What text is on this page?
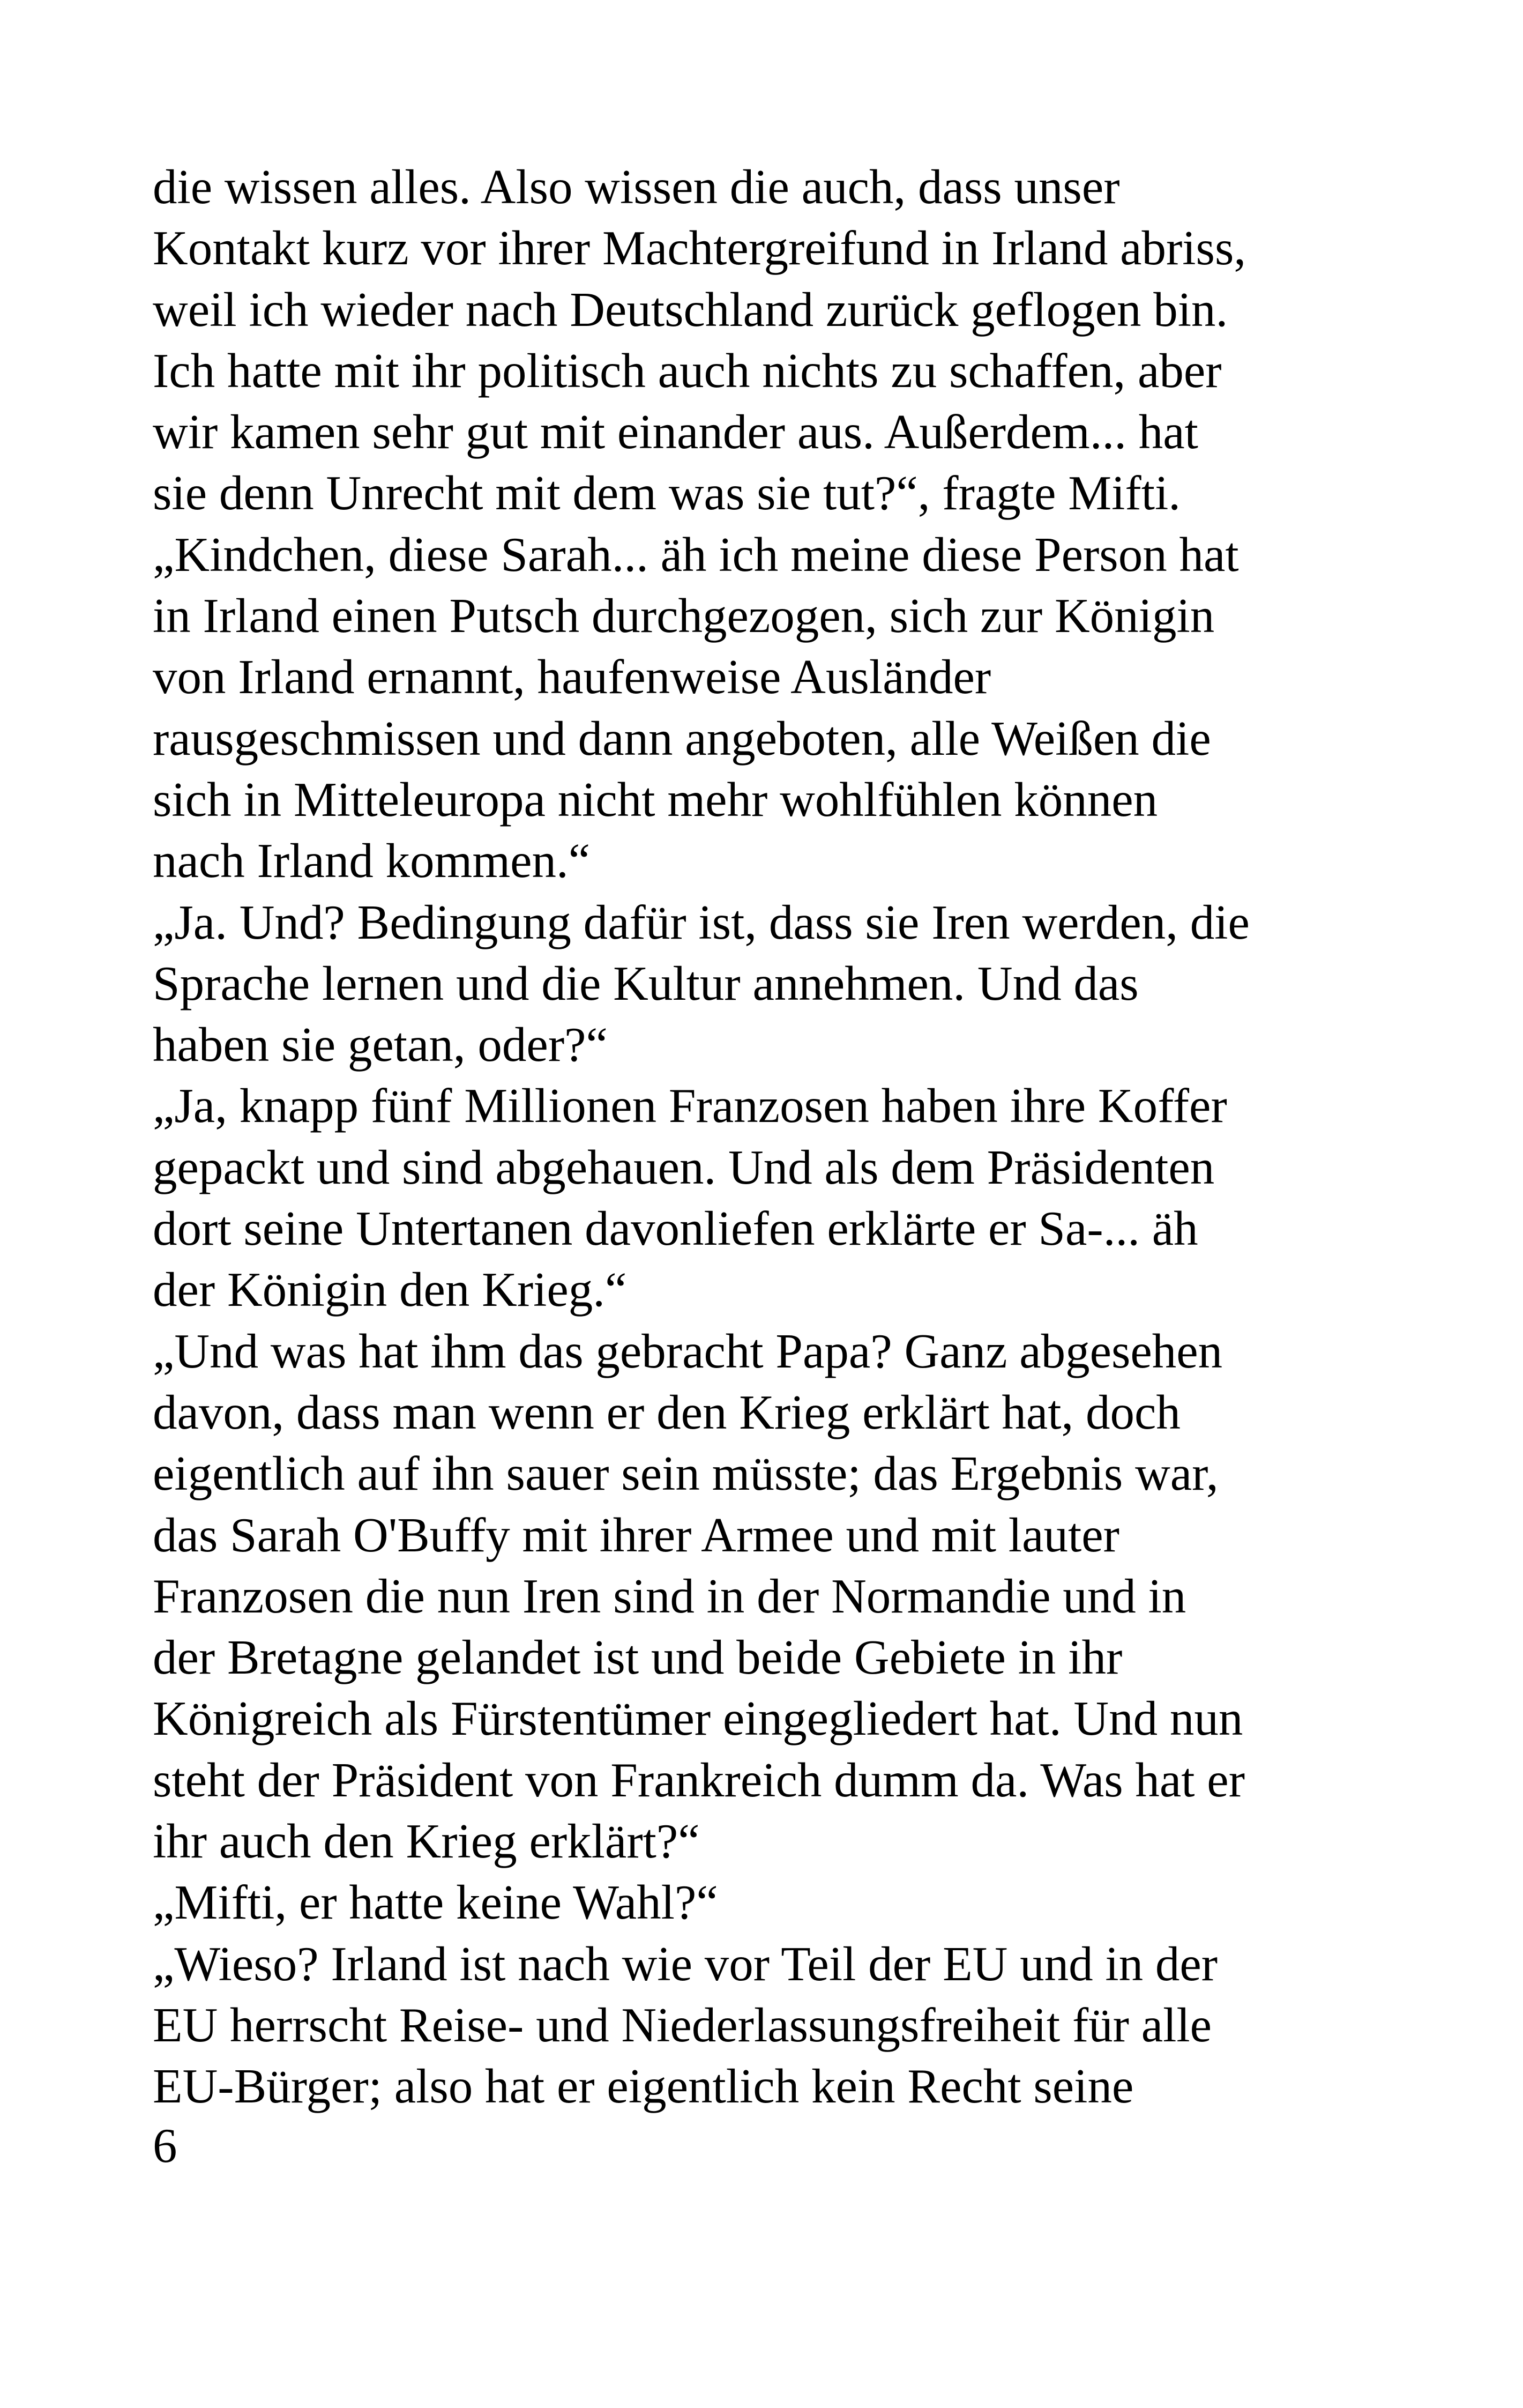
die wissen alles. Also wissen die auch, dass unser

Kontakt kurz vor ihrer Machtergreifund in Irland abriss,

weil ich wieder nach Deutschland zurück geflogen bin.

Ich hatte mit ihr politisch auch nichts zu schaffen, aber

wir kamen sehr gut mit einander aus. Außerdem... hat

sie denn Unrecht mit dem was sie tut?“, fragte Mifti.

„Kindchen, diese Sarah... äh ich meine diese Person hat

in Irland einen Putsch durchgezogen, sich zur Königin

von Irland ernannt, haufenweise Ausländer

rausgeschmissen und dann angeboten, alle Weißen die

sich in Mitteleuropa nicht mehr wohlfühlen können

nach Irland kommen.“

„Ja. Und? Bedingung dafür ist, dass sie Iren werden, die

Sprache lernen und die Kultur annehmen. Und das

haben sie getan, oder?“

„Ja, knapp fünf Millionen Franzosen haben ihre Koffer

gepackt und sind abgehauen. Und als dem Präsidenten

dort seine Untertanen davonliefen erklärte er Sa-... äh

der Königin den Krieg.“

„Und was hat ihm das gebracht Papa? Ganz abgesehen

davon, dass man wenn er den Krieg erklärt hat, doch

eigentlich auf ihn sauer sein müsste; das Ergebnis war,

das Sarah O'Buffy mit ihrer Armee und mit lauter

Franzosen die nun Iren sind in der Normandie und in

der Bretagne gelandet ist und beide Gebiete in ihr

Königreich als Fürstentümer eingegliedert hat. Und nun

steht der Präsident von Frankreich dumm da. Was hat er

ihr auch den Krieg erklärt?“

„Mifti, er hatte keine Wahl?“

„Wieso? Irland ist nach wie vor Teil der EU und in der

EU herrscht Reise- und Niederlassungsfreiheit für alle

EU-Bürger; also hat er eigentlich kein Recht seine

6
